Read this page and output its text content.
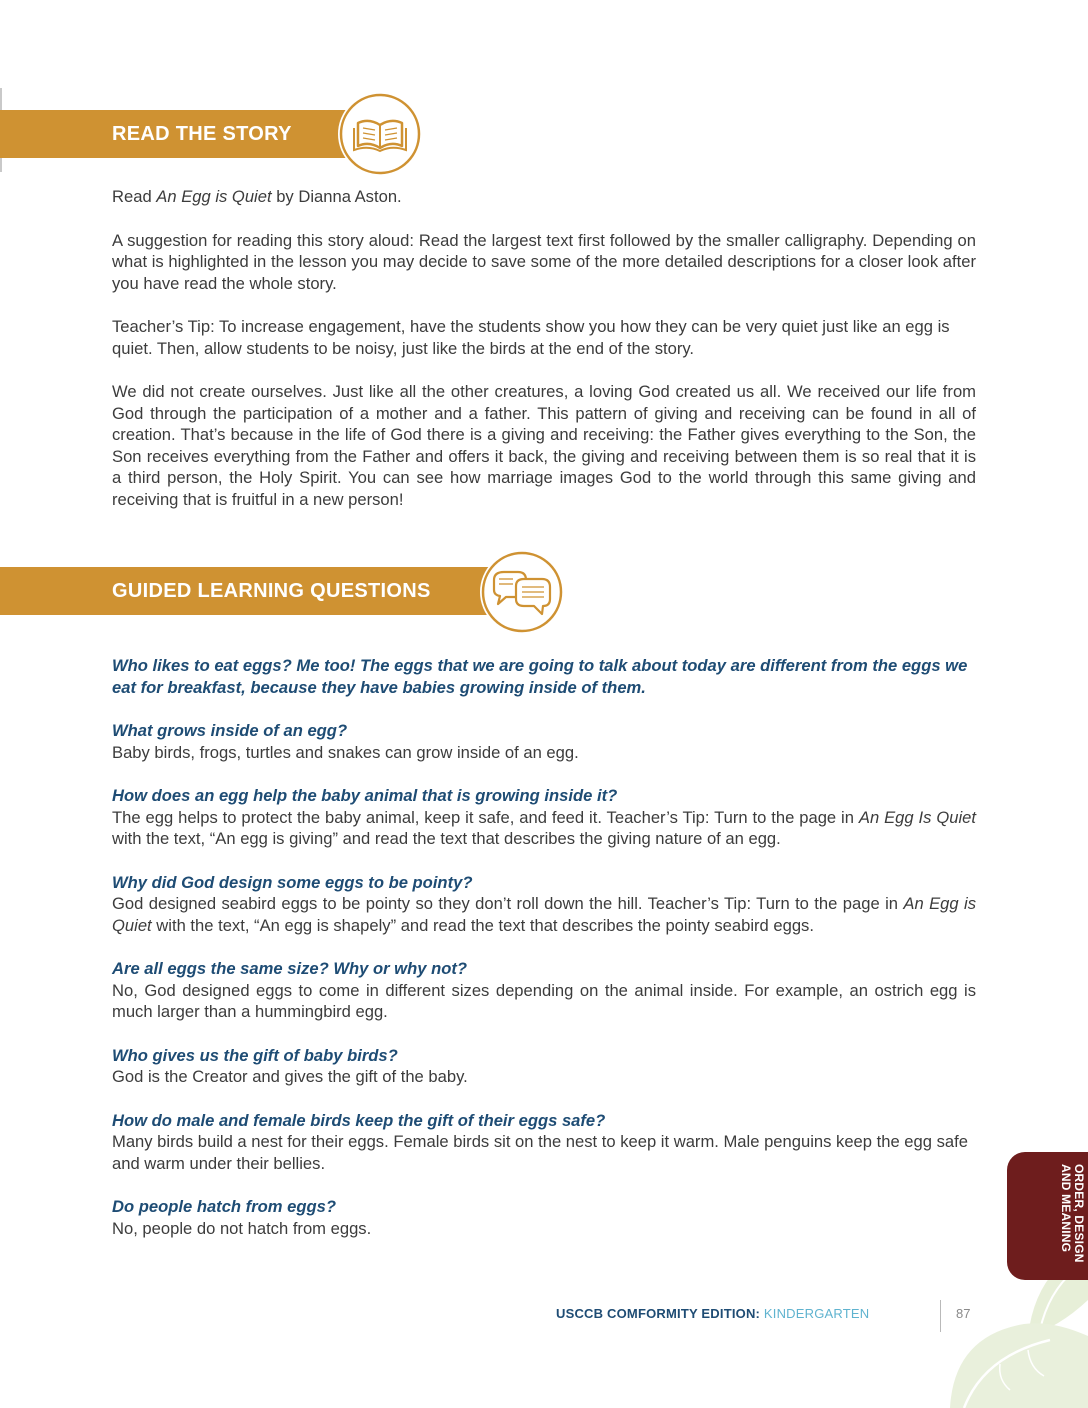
READ THE STORY

Read An Egg is Quiet by Dianna Aston.

A suggestion for reading this story aloud: Read the largest text first followed by the smaller calligraphy. Depending on what is highlighted in the lesson you may decide to save some of the more detailed descriptions for a closer look after you have read the whole story.

Teacher’s Tip: To increase engagement, have the students show you how they can be very quiet just like an egg is quiet. Then, allow students to be noisy, just like the birds at the end of the story.

We did not create ourselves. Just like all the other creatures, a loving God created us all. We received our life from God through the participation of a mother and a father. This pattern of giving and receiving can be found in all of creation. That’s because in the life of God there is a giving and receiving: the Father gives everything to the Son, the Son receives everything from the Father and offers it back, the giving and receiving between them is so real that it is a third person, the Holy Spirit. You can see how marriage images God to the world through this same giving and receiving that is fruitful in a new person!

GUIDED LEARNING QUESTIONS
Who likes to eat eggs? Me too! The eggs that we are going to talk about today are different from the eggs we eat for breakfast, because they have babies growing inside of them.
What grows inside of an egg?
Baby birds, frogs, turtles and snakes can grow inside of an egg.
How does an egg help the baby animal that is growing inside it?
The egg helps to protect the baby animal, keep it safe, and feed it. Teacher’s Tip: Turn to the page in An Egg Is Quiet with the text, “An egg is giving” and read the text that describes the giving nature of an egg.
Why did God design some eggs to be pointy?
God designed seabird eggs to be pointy so they don’t roll down the hill. Teacher’s Tip: Turn to the page in An Egg is Quiet with the text, “An egg is shapely” and read the text that describes the pointy seabird eggs.
Are all eggs the same size? Why or why not?
No, God designed eggs to come in different sizes depending on the animal inside. For example, an ostrich egg is much larger than a hummingbird egg.
Who gives us the gift of baby birds?
God is the Creator and gives the gift of the baby.
How do male and female birds keep the gift of their eggs safe?
Many birds build a nest for their eggs. Female birds sit on the nest to keep it warm. Male penguins keep the egg safe and warm under their bellies.
Do people hatch from eggs?
No, people do not hatch from eggs.	ORDER, DESIGN AND MEANING
USCCB COMFORMITY EDITION: KINDERGARTEN	87
